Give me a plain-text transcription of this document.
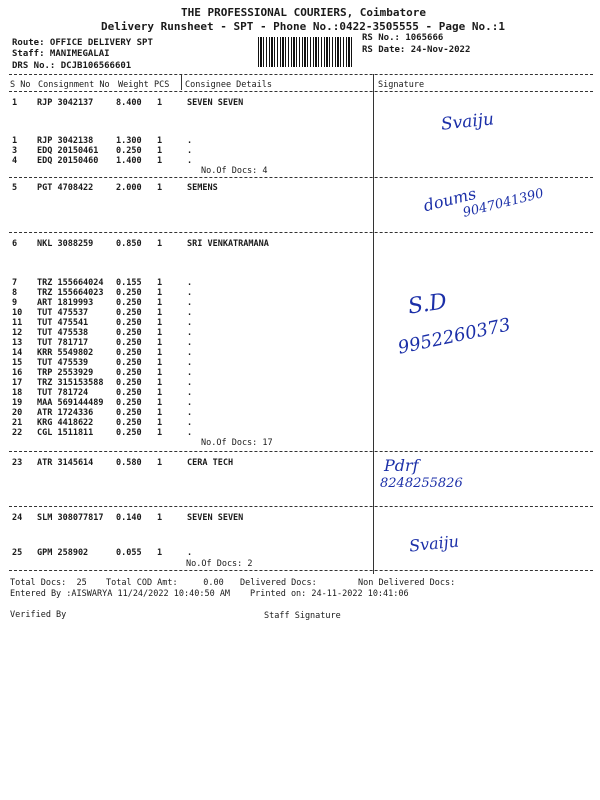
THE PROFESSIONAL COURIERS, Coimbatore
Delivery Runsheet - SPT - Phone No.:0422-3505555 - Page No.:1
Route: OFFICE DELIVERY SPT
Staff: MANIMEGALAI
DRS No.: DCJB106566601
RS No.: 1065666
RS Date: 24-Nov-2022
S No Consignment No Weight PCS Consignee Details	Signature
1 RJP 3042137	8.400 1	SEVEN SEVEN
1 RJP 3042138	1.300 1	.
3 EDQ 20150461 0.250 1	.
4 EDQ 20150460 1.400 1	.
No.Of Docs: 4
5 PGT 4708422	2.000 1	SEMENS
6 NKL 3088259	0.850 1	SRI VENKATRAMANA
7 TRZ 155664024 0.155 1	.
8 TRZ 155664023 0.250 1	.
9 ART 1819993	0.250 1	.
10 TUT 475537	0.250 1	.
11 TUT 475541	0.250 1	.
12 TUT 475538	0.250 1	.
13 TUT 781717	0.250 1	.
14 KRR 5549802	0.250 1	.
15 TUT 475539	0.250 1	.
16 TRP 2553929	0.250 1	.
17 TRZ 315153588 0.250 1	.
18 TUT 781724	0.250 1	.
19 MAA 569144489 0.250 1	.
20 ATR 1724336	0.250 1	.
21 KRG 4418622	0.250 1	.
22 CGL 1511811	0.250 1	.
No.Of Docs: 17
23 ATR 3145614	0.580 1	CERA TECH
24 SLM 308077817 0.140 1	SEVEN SEVEN
25 GPM 258902	0.055 1	.
No.Of Docs: 2
Svaiju
doums
9047041390
S.D
9952260373
Pdrf
8248255826
Svaiju
Total Docs:  25 Total COD Amt:     0.00 Delivered Docs:	Non Delivered Docs:
Entered By :AISWARYA 11/24/2022 10:40:50 AM Printed on: 24-11-2022 10:41:06
Verified By	Staff Signature
